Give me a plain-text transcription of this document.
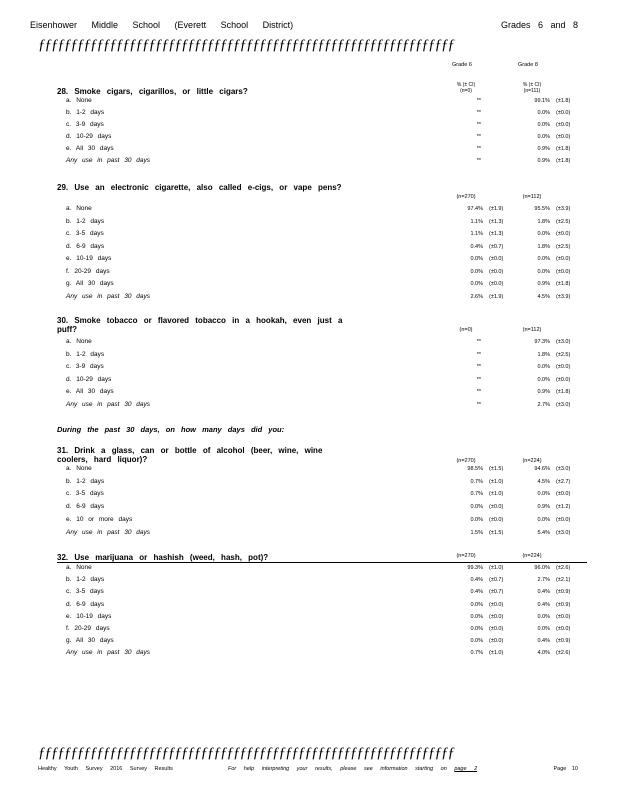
Eisenhower Middle School (Everett School District)	Grades 6 and 8
ƒƒƒƒƒƒƒƒƒƒƒƒƒƒƒƒƒƒƒƒƒƒƒƒƒƒƒƒƒƒƒƒƒƒƒƒƒƒƒƒƒƒƒƒƒƒƒƒƒƒƒƒƒƒƒƒƒƒƒƒƒƒƒƒ
Grade 6	Grade 8
% (± CI)
(n=0)
% (± CI)
(n=111)
28. Smoke cigars, cigarillos, or little cigars?
a. None	**	99.1% (±1.8)
b. 1-2 days	**	0.0% (±0.0)
c. 3-9 days	**	0.0% (±0.0)
d. 10-29 days	**	0.0% (±0.0)
e. All 30 days	**	0.9% (±1.8)
Any use in past 30 days	**	0.9% (±1.8)
29. Use an electronic cigarette, also called e-cigs, or vape pens?
(n=270)	(n=112)
a. None	97.4% (±1.9)	95.5% (±3.9)
b. 1-2 days	1.1% (±1.3)	1.8% (±2.5)
c. 3-5 days	1.1% (±1.3)	0.0% (±0.0)
d. 6-9 days	0.4% (±0.7)	1.8% (±2.5)
e. 10-19 days	0.0% (±0.0)	0.0% (±0.0)
f. 20-29 days	0.0% (±0.0)	0.0% (±0.0)
g. All 30 days	0.0% (±0.0)	0.9% (±1.8)
Any use in past 30 days	2.6% (±1.9)	4.5% (±3.9)
30. Smoke tobacco or flavored tobacco in a hookah, even just a puff?	(n=0)	(n=112)
a. None	**	97.3% (±3.0)
b. 1-2 days	**	1.8% (±2.5)
c. 3-9 days	**	0.0% (±0.0)
d. 10-29 days	**	0.0% (±0.0)
e. All 30 days	**	0.9% (±1.8)
Any use in past 30 days	**	2.7% (±3.0)
31. Drink a glass, can or bottle of alcohol (beer, wine, wine coolers, hard liquor)?	(n=270)	(n=224)
a. None	98.5% (±1.5)	94.6% (±3.0)
b. 1-2 days	0.7% (±1.0)	4.5% (±2.7)
c. 3-5 days	0.7% (±1.0)	0.0% (±0.0)
d. 6-9 days	0.0% (±0.0)	0.9% (±1.2)
e. 10 or more days	0.0% (±0.0)	0.0% (±0.0)
Any use in past 30 days	1.5% (±1.5)	5.4% (±3.0)
32. Use marijuana or hashish (weed, hash, pot)?	(n=270)	(n=224)
a. None	99.3% (±1.0)	96.0% (±2.6)
b. 1-2 days	0.4% (±0.7)	2.7% (±2.1)
c. 3-5 days	0.4% (±0.7)	0.4% (±0.9)
d. 6-9 days	0.0% (±0.0)	0.4% (±0.9)
e. 10-19 days	0.0% (±0.0)	0.0% (±0.0)
f. 20-29 days	0.0% (±0.0)	0.0% (±0.0)
g. All 30 days	0.0% (±0.0)	0.4% (±0.9)
Any use in past 30 days	0.7% (±1.0)	4.0% (±2.6)
During the past 30 days, on how many days did you:
ƒƒƒƒƒƒƒƒƒƒƒƒƒƒƒƒƒƒƒƒƒƒƒƒƒƒƒƒƒƒƒƒƒƒƒƒƒƒƒƒƒƒƒƒƒƒƒƒƒƒƒƒƒƒƒƒƒƒƒƒƒƒƒƒ
Healthy Youth Survey 2016 Survey Results	For help interpreting your results, please see information starting on page 2	Page 10
